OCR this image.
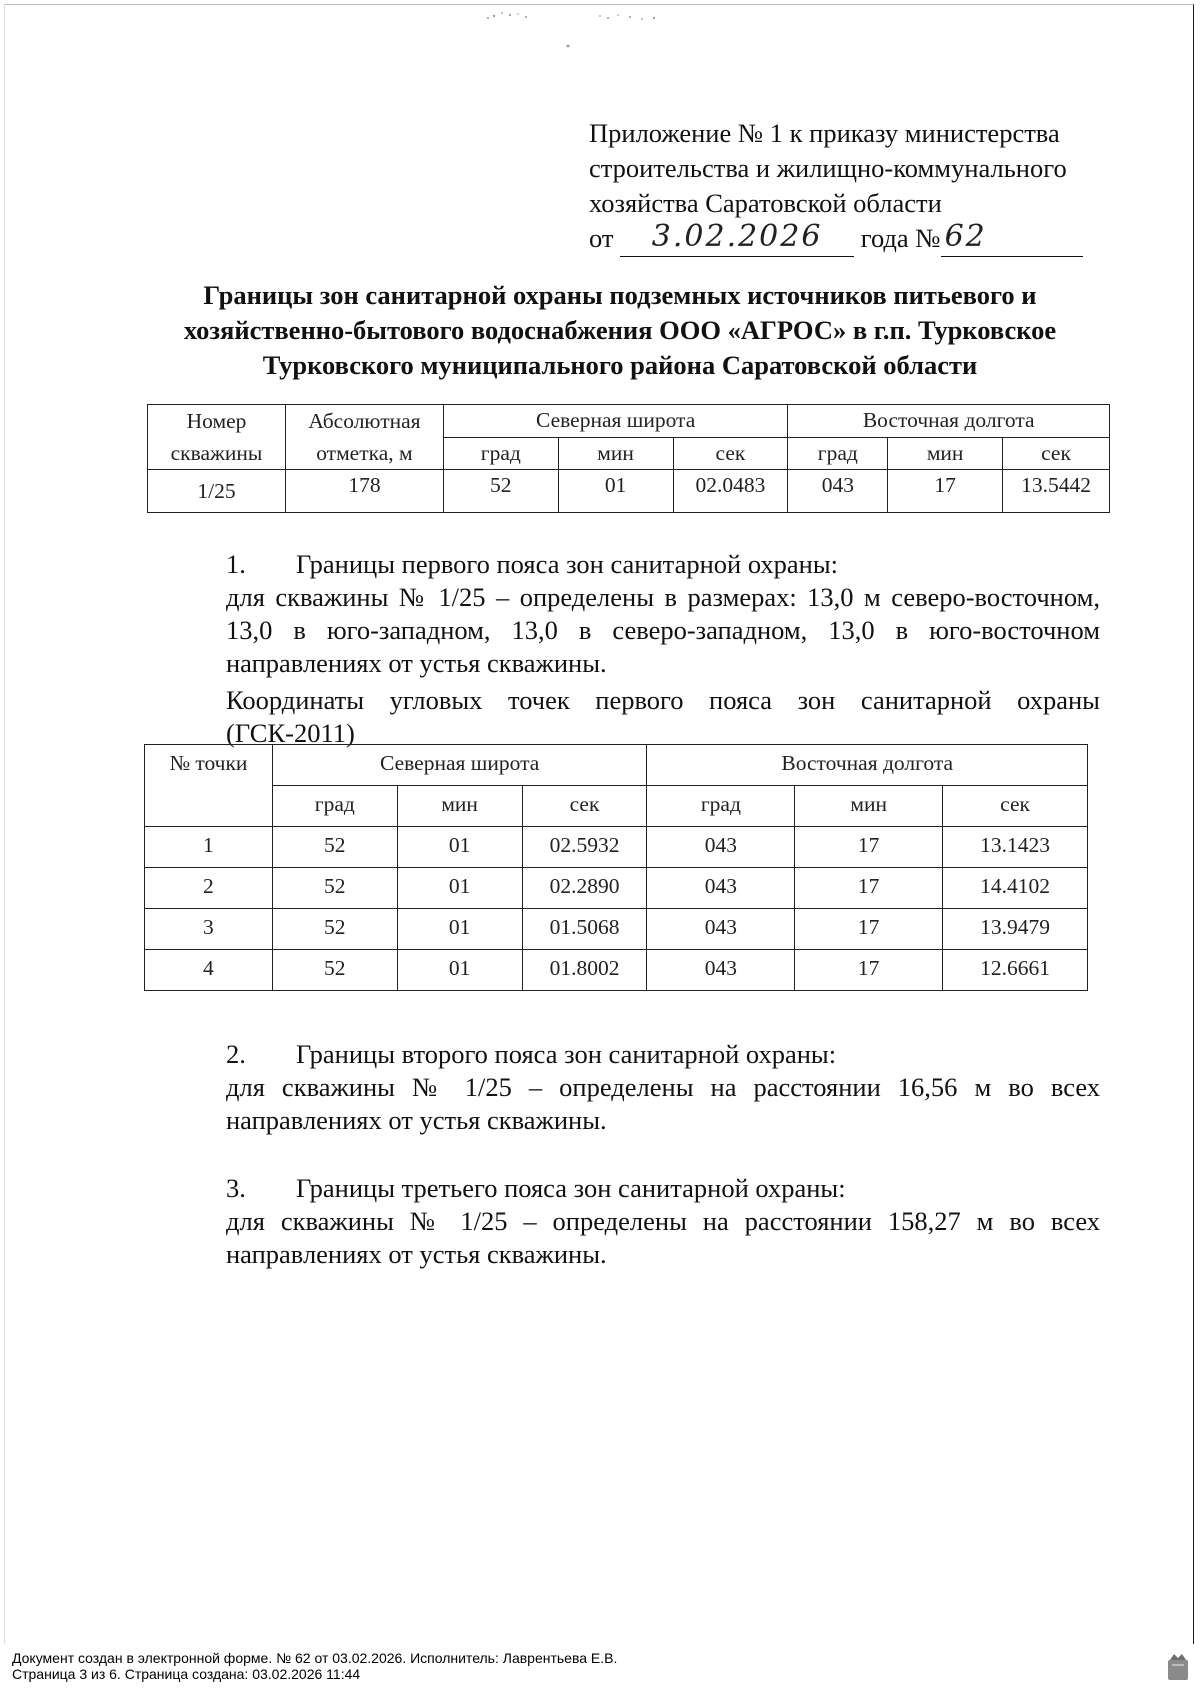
Приложение № 1 к приказу министерства
строительства и жилищно-коммунального
хозяйства Саратовской области
от	3.02.2026	года № 62
Границы зон санитарной охраны подземных источников питьевого и
хозяйственно-бытового водоснабжения ООО «АГРОС» в г.п. Турковское
Турковского муниципального района Саратовской области
Номер скважины	Абсолютная отметка, м	Северная широта			Восточная долгота		
		град	мин	сек	град	мин	сек
1/25	178	52	01	02.0483	043	17	13.5442
1. Границы первого пояса зон санитарной охраны:
для скважины № 1/25 – определены в размерах: 13,0 м северо-восточном, 13,0 в юго-западном, 13,0 в северо-западном, 13,0 в юго-восточном направлениях от устья скважины.
Координаты угловых точек первого пояса зон санитарной охраны (ГСК-2011)
№ точки	Северная широта			Восточная долгота		
	град	мин	сек	град	мин	сек
1	52	01	02.5932	043	17	13.1423
2	52	01	02.2890	043	17	14.4102
3	52	01	01.5068	043	17	13.9479
4	52	01	01.8002	043	17	12.6661
2. Границы второго пояса зон санитарной охраны:
для скважины № 1/25 – определены на расстоянии 16,56 м во всех направлениях от устья скважины.
3. Границы третьего пояса зон санитарной охраны:
для скважины № 1/25 – определены на расстоянии 158,27 м во всех направлениях от устья скважины.
Документ создан в электронной форме. № 62 от 03.02.2026. Исполнитель: Лаврентьева Е.В.
Страница 3 из 6. Страница создана: 03.02.2026 11:44
